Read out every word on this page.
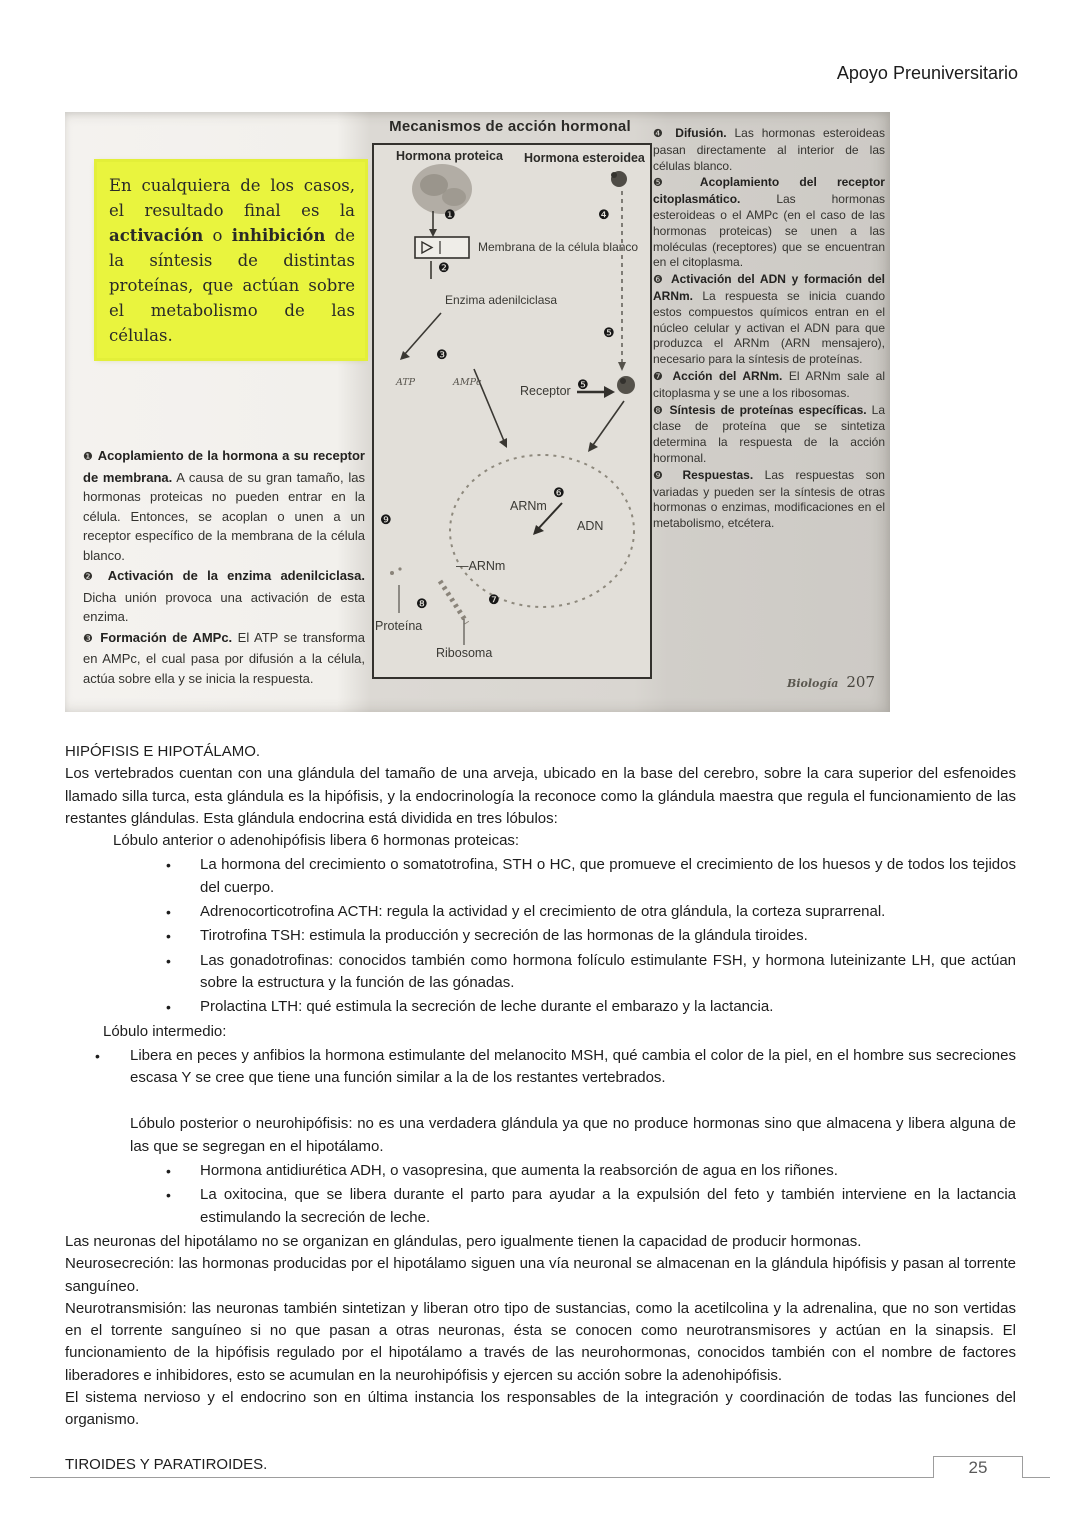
Apoyo Preuniversitario
En cualquiera de los casos, el resultado final es la activación o inhibición de la síntesis de distintas proteínas, que actúan sobre el metabolismo de las células.
Mecanismos de acción hormonal
Hormona proteica Hormona esteroidea
❶	❹
Membrana de la célula blanco
❷
Enzima adenilciclasa
❸
ATP	AMPc
Receptor
❺
❺
❻
ARNm
ADN
—ARNm
❾
❽	❼
Proteína
Ribosoma

❶ Acoplamiento de la hormona a su receptor de membrana. A causa de su gran tamaño, las hormonas proteicas no pueden entrar en la célula. Entonces, se acoplan o unen a un receptor específico de la membrana de la célula blanco.

❷ Activación de la enzima adenilciclasa. Dicha unión provoca una activación de esta enzima.

❸ Formación de AMPc. El ATP se transforma en AMPc, el cual pasa por difusión a la célula, actúa sobre ella y se inicia la respuesta.

❹ Difusión. Las hormonas esteroideas pasan directamente al interior de las células blanco.

❺ Acoplamiento del receptor citoplasmático. Las hormonas esteroideas o el AMPc (en el caso de las hormonas proteicas) se unen a las moléculas (receptores) que se encuentran en el citoplasma.

❻ Activación del ADN y formación del ARNm. La respuesta se inicia cuando estos compuestos químicos entran en el núcleo celular y activan el ADN para que produzca el ARNm (ARN mensajero), necesario para la síntesis de proteínas.

❼ Acción del ARNm. El ARNm sale al citoplasma y se une a los ribosomas.

❽ Síntesis de proteínas específicas. La clase de proteína que se sintetiza determina la respuesta de la acción hormonal.

❾ Respuestas. Las respuestas son variadas y pueden ser la síntesis de otras hormonas o enzimas, modificaciones en el metabolismo, etcétera.

Biología 207
HIPÓFISIS E HIPOTÁLAMO.
Los vertebrados cuentan con una glándula del tamaño de una arveja, ubicado en la base del cerebro, sobre la cara superior del esfenoides llamado silla turca, esta glándula es la hipófisis, y la endocrinología la reconoce como la glándula maestra que regula el funcionamiento de las restantes glándulas. Esta glándula endocrina está dividida en tres lóbulos:
Lóbulo anterior o adenohipófisis libera 6 hormonas proteicas:
•	La hormona del crecimiento o somatotrofina, STH o HC, que promueve el crecimiento de los huesos y de todos los tejidos del cuerpo.
•	Adrenocorticotrofina ACTH: regula la actividad y el crecimiento de otra glándula, la corteza suprarrenal.
•	Tirotrofina TSH: estimula la producción y secreción de las hormonas de la glándula tiroides.
•	Las gonadotrofinas: conocidos también como hormona folículo estimulante FSH, y hormona luteinizante LH, que actúan sobre la estructura y la función de las gónadas.
•	Prolactina LTH: qué estimula la secreción de leche durante el embarazo y la lactancia.
Lóbulo intermedio:
•	Libera en peces y anfibios la hormona estimulante del melanocito MSH, qué cambia el color de la piel, en el hombre sus secreciones escasa Y se cree que tiene una función similar a la de los restantes vertebrados.
Lóbulo posterior o neurohipófisis: no es una verdadera glándula ya que no produce hormonas sino que almacena y libera alguna de las que se segregan en el hipotálamo.
•	Hormona antidiurética ADH, o vasopresina, que aumenta la reabsorción de agua en los riñones.
•	La oxitocina, que se libera durante el parto para ayudar a la expulsión del feto y también interviene en la lactancia estimulando la secreción de leche.
Las neuronas del hipotálamo no se organizan en glándulas, pero igualmente tienen la capacidad de producir hormonas.
Neurosecreción: las hormonas producidas por el hipotálamo siguen una vía neuronal se almacenan en la glándula hipófisis y pasan al torrente sanguíneo.
Neurotransmisión: las neuronas también sintetizan y liberan otro tipo de sustancias, como la acetilcolina y la adrenalina, que no son vertidas en el torrente sanguíneo si no que pasan a otras neuronas, ésta se conocen como neurotransmisores y actúan en la sinapsis. El funcionamiento de la hipófisis regulado por el hipotálamo a través de las neurohormonas, conocidos también con el nombre de factores liberadores e inhibidores, esto se acumulan en la neurohipófisis y ejercen su acción sobre la adenohipófisis.
El sistema nervioso y el endocrino son en última instancia los responsables de la integración y coordinación de todas las funciones del organismo.
TIROIDES Y PARATIROIDES.	25
